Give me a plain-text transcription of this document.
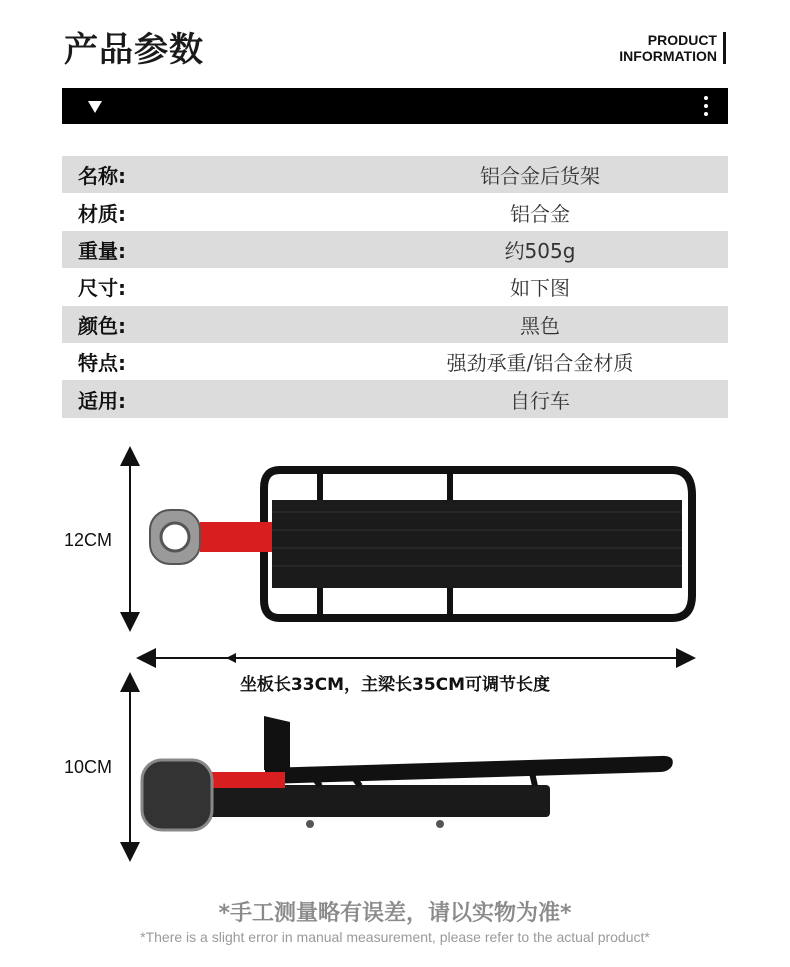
产品参数	PRODUCT
INFORMATION
名称:	铝合金后货架
材质:	铝合金
重量:	约505g
尺寸:	如下图
颜色:	黑色
特点:	强劲承重/铝合金材质
适用:	自行车
12CM
10CM
坐板长33CM，主梁长35CM可调节长度
*手工测量略有误差，请以实物为准*
*There is a slight error in manual measurement, please refer to the actual product*
